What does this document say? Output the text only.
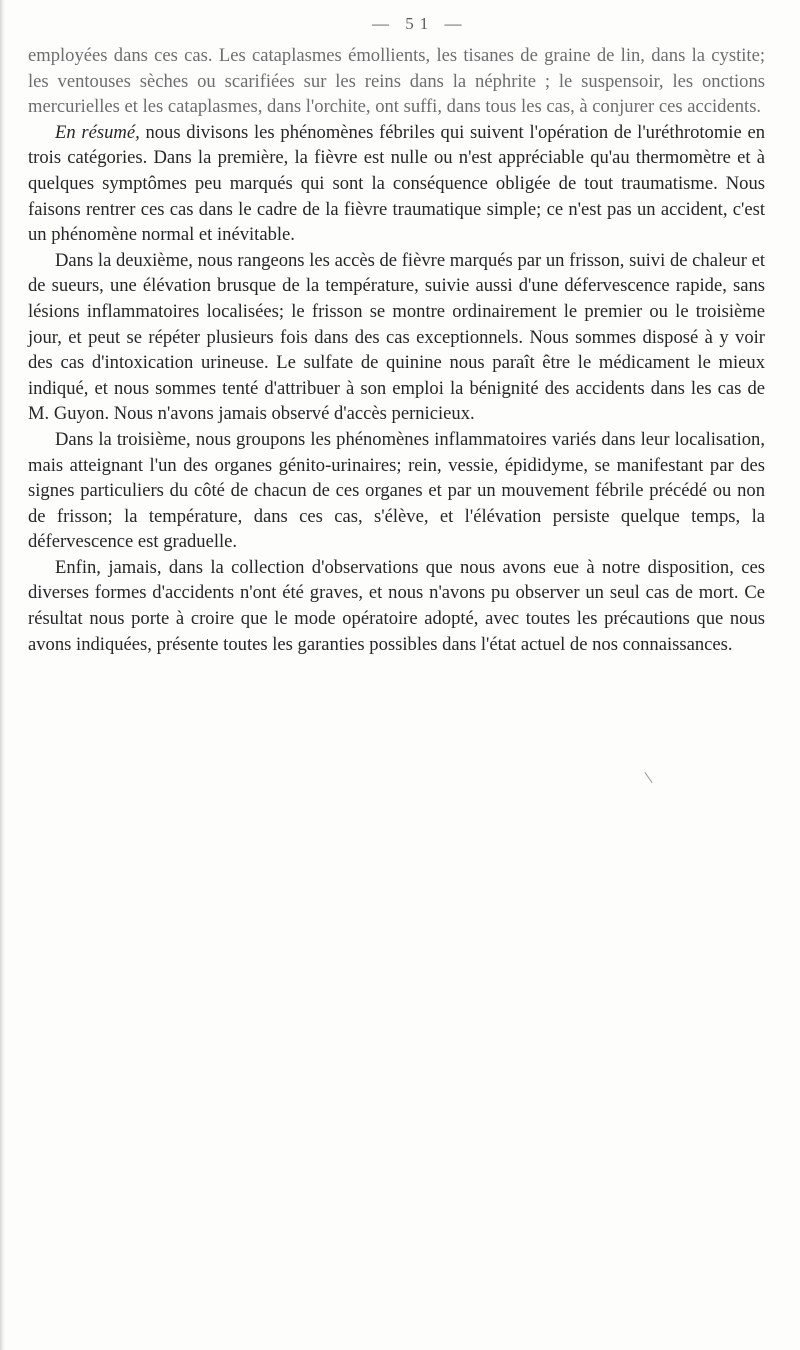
— 51 —

employées dans ces cas. Les cataplasmes émollients, les tisanes de graine de lin, dans la cystite; les ventouses sèches ou scarifiées sur les reins dans la néphrite ; le suspensoir, les onctions mercurielles et les cataplasmes, dans l'orchite, ont suffi, dans tous les cas, à conjurer ces accidents.

En résumé, nous divisons les phénomènes fébriles qui suivent l'opération de l'uréthrotomie en trois catégories. Dans la première, la fièvre est nulle ou n'est appréciable qu'au thermomètre et à quelques symptômes peu marqués qui sont la conséquence obligée de tout traumatisme. Nous faisons rentrer ces cas dans le cadre de la fièvre traumatique simple; ce n'est pas un accident, c'est un phénomène normal et inévitable.

Dans la deuxième, nous rangeons les accès de fièvre marqués par un frisson, suivi de chaleur et de sueurs, une élévation brusque de la température, suivie aussi d'une défervescence rapide, sans lésions inflammatoires localisées; le frisson se montre ordinairement le premier ou le troisième jour, et peut se répéter plusieurs fois dans des cas exceptionnels. Nous sommes disposé à y voir des cas d'intoxication urineuse. Le sulfate de quinine nous paraît être le médicament le mieux indiqué, et nous sommes tenté d'attribuer à son emploi la bénignité des accidents dans les cas de M. Guyon. Nous n'avons jamais observé d'accès pernicieux.

Dans la troisième, nous groupons les phénomènes inflammatoires variés dans leur localisation, mais atteignant l'un des organes génito-urinaires; rein, vessie, épididyme, se manifestant par des signes particuliers du côté de chacun de ces organes et par un mouvement fébrile précédé ou non de frisson; la température, dans ces cas, s'élève, et l'élévation persiste quelque temps, la défervescence est graduelle.

Enfin, jamais, dans la collection d'observations que nous avons eue à notre disposition, ces diverses formes d'accidents n'ont été graves, et nous n'avons pu observer un seul cas de mort. Ce résultat nous porte à croire que le mode opératoire adopté, avec toutes les précautions que nous avons indiquées, présente toutes les garanties possibles dans l'état actuel de nos connaissances.
